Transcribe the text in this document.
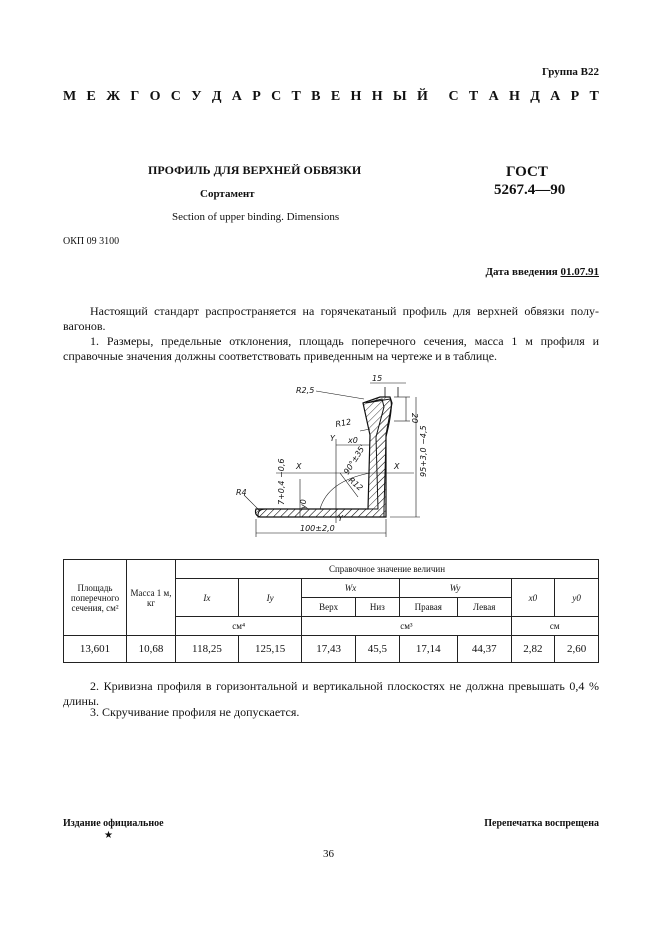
Группа В22
М Е Ж Г О С У Д А Р С Т В Е Н Н Ы Й С Т А Н Д А Р Т
ПРОФИЛЬ ДЛЯ ВЕРХНЕЙ ОБВЯЗКИ
Сортамент
Section of upper binding. Dimensions
ГОСТ
5267.4—90
ОКП 09 3100
Дата введения 01.07.91
Настоящий стандарт распространяется на горячекатаный профиль для верхней обвязки полу-вагонов.
1. Размеры, предельные отклонения, площадь поперечного сечения, масса 1 м профиля и справочные значения должны соответствовать приведенным на чертеже и в таблице.
R2,5
15
20
R12
x0
90°±35'
R12
95+3,0 −4,5
7+0,4 −0,6 y0
R4
100±2,0
X	X
Y
Y
Площадь поперечного сечения, см²	Масса 1 м, кг	Справочное значение величин							
		Ix	Iy	Wx		Wy		x0	y0
				Верх	Низ	Правая	Левая		
		см⁴		см³				см	
13,601	10,68	118,25	125,15	17,43	45,5	17,14	44,37	2,82	2,60
2. Кривизна профиля в горизонтальной и вертикальной плоскостях не должна превышать 0,4 % длины.
3. Скручивание профиля не допускается.
Издание официальное
★
Перепечатка воспрещена
36
